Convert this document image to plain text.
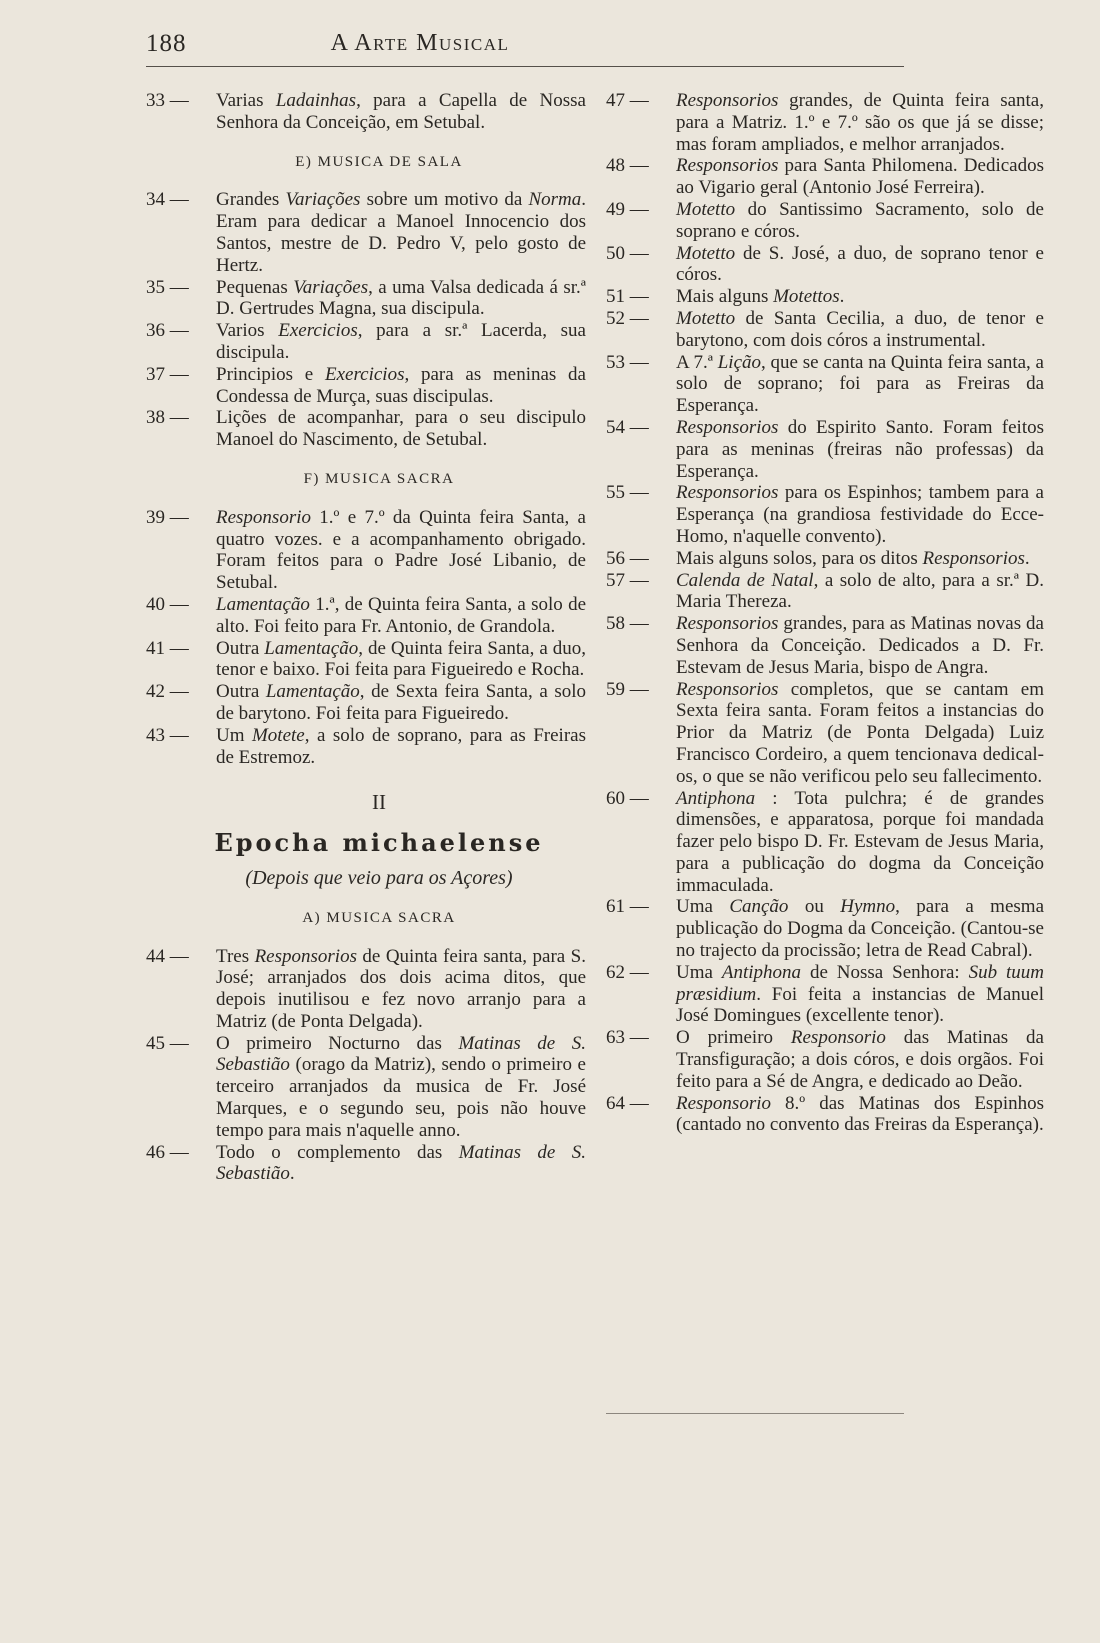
188	A Arte Musical
33 —	Varias Ladainhas, para a Capella de Nossa Senhora da Conceição, em Setubal.

E) MUSICA DE SALA
34 —	Grandes Variações sobre um motivo da Norma. Eram para dedicar a Manoel Innocencio dos Santos, mestre de D. Pedro V, pelo gosto de Hertz.

35 —	Pequenas Variações, a uma Valsa dedicada á sr.ª D. Gertrudes Magna, sua discipula.

36 —	Varios Exercicios, para a sr.ª Lacerda, sua discipula.

37 —	Principios e Exercicios, para as meninas da Condessa de Murça, suas discipulas.

38 —	Lições de acompanhar, para o seu discipulo Manoel do Nascimento, de Setubal.

F) MUSICA SACRA
39 —	Responsorio 1.º e 7.º da Quinta feira Santa, a quatro vozes. e a acompanhamento obrigado. Foram feitos para o Padre José Libanio, de Setubal.

40 —	Lamentação 1.ª, de Quinta feira Santa, a solo de alto. Foi feito para Fr. Antonio, de Grandola.

41 —	Outra Lamentação, de Quinta feira Santa, a duo, tenor e baixo. Foi feita para Figueiredo e Rocha.

42 —	Outra Lamentação, de Sexta feira Santa, a solo de barytono. Foi feita para Figueiredo.

43 —	Um Motete, a solo de soprano, para as Freiras de Estremoz.

II
Epocha michaelense
(Depois que veio para os Açores)
A) MUSICA SACRA
44 —	Tres Responsorios de Quinta feira santa, para S. José; arranjados dos dois acima ditos, que depois inutilisou e fez novo arranjo para a Matriz (de Ponta Delgada).

45 —	O primeiro Nocturno das Matinas de S. Sebastião (orago da Matriz), sendo o primeiro e terceiro arranjados da musica de Fr. José Marques, e o segundo seu, pois não houve tempo para mais n'aquelle anno.

46 —	Todo o complemento das Matinas de S. Sebastião.

47 —	Responsorios grandes, de Quinta feira santa, para a Matriz. 1.º e 7.º são os que já se disse; mas foram ampliados, e melhor arranjados.

48 —	Responsorios para Santa Philomena. Dedicados ao Vigario geral (Antonio José Ferreira).

49 —	Motetto do Santissimo Sacramento, solo de soprano e córos.

50 —	Motetto de S. José, a duo, de soprano tenor e córos.

51 —	Mais alguns Motettos.

52 —	Motetto de Santa Cecilia, a duo, de tenor e barytono, com dois córos a instrumental.

53 —	A 7.ª Lição, que se canta na Quinta feira santa, a solo de soprano; foi para as Freiras da Esperança.

54 —	Responsorios do Espirito Santo. Foram feitos para as meninas (freiras não professas) da Esperança.

55 —	Responsorios para os Espinhos; tambem para a Esperança (na grandiosa festividade do Ecce-Homo, n'aquelle convento).

56 —	Mais alguns solos, para os ditos Responsorios.

57 —	Calenda de Natal, a solo de alto, para a sr.ª D. Maria Thereza.

58 —	Responsorios grandes, para as Matinas novas da Senhora da Conceição. Dedicados a D. Fr. Estevam de Jesus Maria, bispo de Angra.

59 —	Responsorios completos, que se cantam em Sexta feira santa. Foram feitos a instancias do Prior da Matriz (de Ponta Delgada) Luiz Francisco Cordeiro, a quem tencionava dedical-os, o que se não verificou pelo seu fallecimento.

60 —	Antiphona : Tota pulchra; é de grandes dimensões, e apparatosa, porque foi mandada fazer pelo bispo D. Fr. Estevam de Jesus Maria, para a publicação do dogma da Conceição immaculada.

61 —	Uma Canção ou Hymno, para a mesma publicação do Dogma da Conceição. (Cantou-se no trajecto da procissão; letra de Read Cabral).

62 —	Uma Antiphona de Nossa Senhora: Sub tuum præsidium. Foi feita a instancias de Manuel José Domingues (excellente tenor).

63 —	O primeiro Responsorio das Matinas da Transfiguração; a dois córos, e dois orgãos. Foi feito para a Sé de Angra, e dedicado ao Deão.

64 —	Responsorio 8.º das Matinas dos Espinhos (cantado no convento das Freiras da Esperança).
